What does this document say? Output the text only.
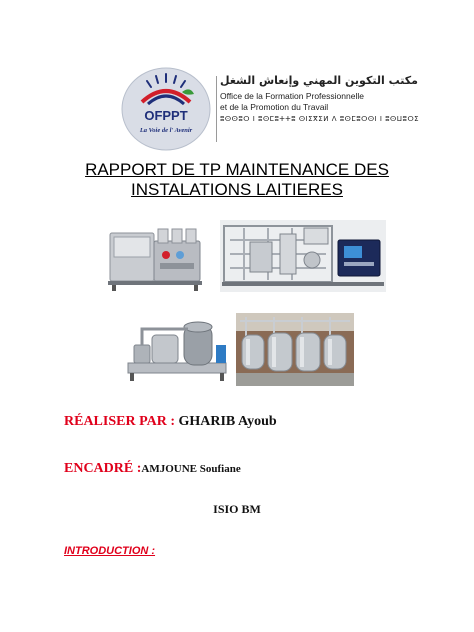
OFPPT
La Voie de l' Avenir
مكتب التكوين المهني وإنعاش الشغل
Office de la Formation Professionnelle
et de la Promotion du Travail
ⵓⵙⵙⵓⵔ ⵏ ⵓⵙⵎⵓⵜⵜⵓ ⵙⵏⵉⴳⵉⵍ ⴷ ⵓⵙⵎⵓⵔⵙⵏ ⵏ ⵓⵙⵡⵓⵔⵉ
RAPPORT DE TP MAINTENANCE DES
INSTALATIONS LAITIERES
RÉALISER PAR : GHARIB Ayoub
ENCADRÉ :AMJOUNE Soufiane
ISIO BM
INTRODUCTION :
